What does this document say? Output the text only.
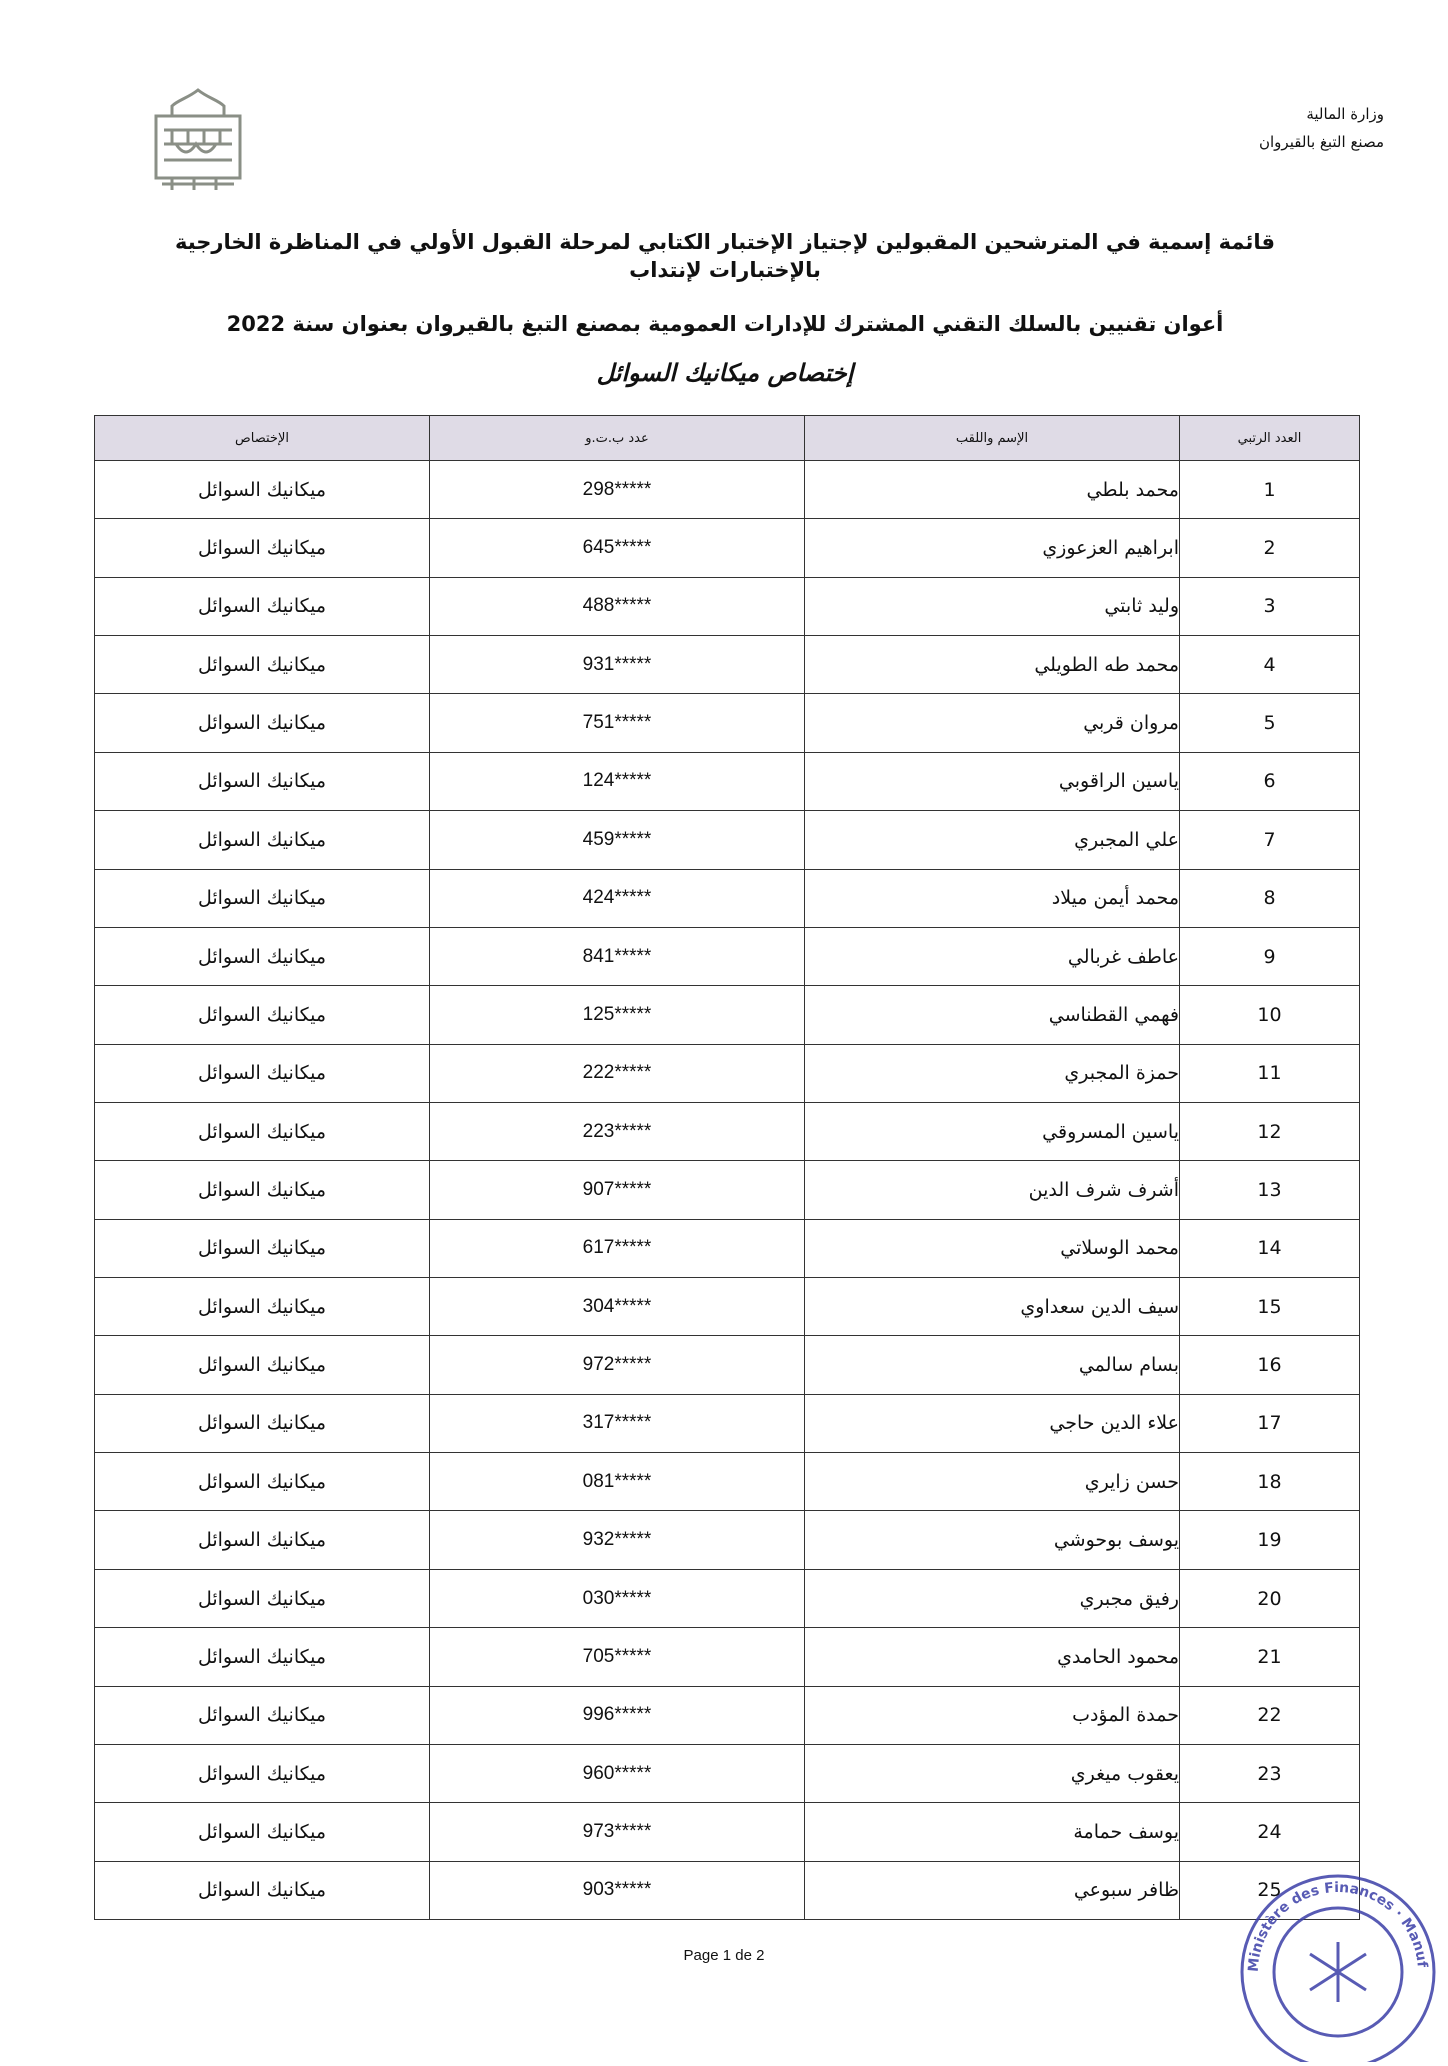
وزارة المالية
مصنع التبغ بالقيروان
قائمة إسمية في المترشحين المقبولين لإجتياز الإختبار الكتابي لمرحلة القبول الأولي في المناظرة الخارجية بالإختبارات لإنتداب
أعوان تقنيين بالسلك التقني المشترك للإدارات العمومية بمصنع التبغ بالقيروان بعنوان سنة 2022
إختصاص ميكانيك السوائل
العدد الرتبي	الإسم واللقب	عدد ب.ت.و	الإختصاص
1	محمد بلطي	298*****	ميكانيك السوائل
2	ابراهيم العزعوزي	645*****	ميكانيك السوائل
3	وليد ثابتي	488*****	ميكانيك السوائل
4	محمد طه الطويلي	931*****	ميكانيك السوائل
5	مروان قربي	751*****	ميكانيك السوائل
6	ياسين الراقوبي	124*****	ميكانيك السوائل
7	علي المجبري	459*****	ميكانيك السوائل
8	محمد أيمن ميلاد	424*****	ميكانيك السوائل
9	عاطف غربالي	841*****	ميكانيك السوائل
10	فهمي القطناسي	125*****	ميكانيك السوائل
11	حمزة المجبري	222*****	ميكانيك السوائل
12	ياسين المسروقي	223*****	ميكانيك السوائل
13	أشرف شرف الدين	907*****	ميكانيك السوائل
14	محمد الوسلاتي	617*****	ميكانيك السوائل
15	سيف الدين سعداوي	304*****	ميكانيك السوائل
16	بسام سالمي	972*****	ميكانيك السوائل
17	علاء الدين حاجي	317*****	ميكانيك السوائل
18	حسن زايري	081*****	ميكانيك السوائل
19	يوسف بوحوشي	932*****	ميكانيك السوائل
20	رفيق مجبري	030*****	ميكانيك السوائل
21	محمود الحامدي	705*****	ميكانيك السوائل
22	حمدة المؤدب	996*****	ميكانيك السوائل
23	يعقوب ميغري	960*****	ميكانيك السوائل
24	يوسف حمامة	973*****	ميكانيك السوائل
25	ظافر سبوعي	903*****	ميكانيك السوائل
Page 1 de 2
Ministère des Finances · Manuf
